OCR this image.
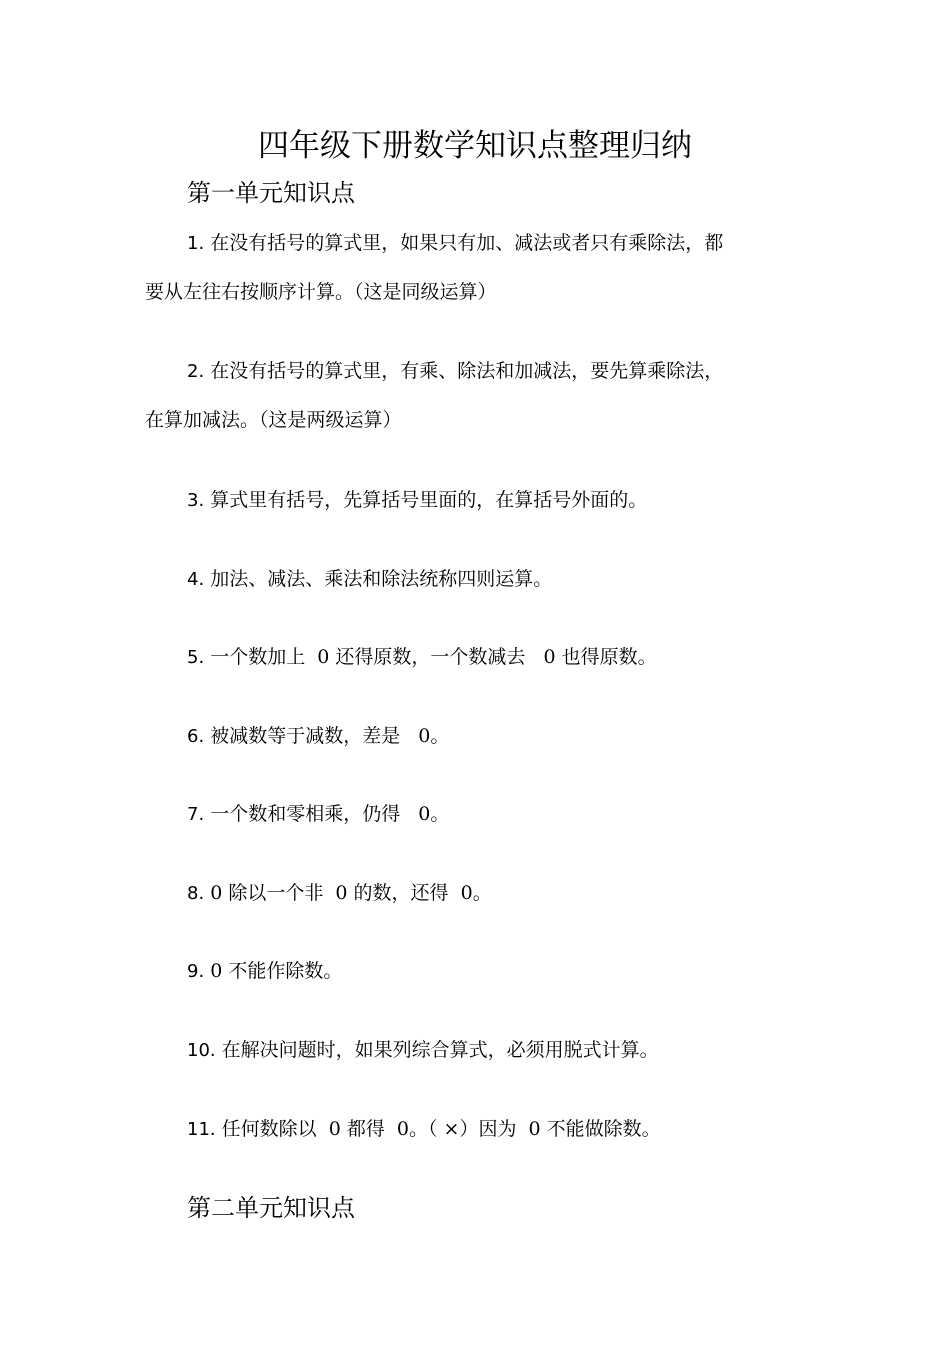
四年级下册数学知识点整理归纳
第一单元知识点

1. 在没有括号的算式里，如果只有加、减法或者只有乘除法，都

要从左往右按顺序计算。（这是同级运算）

2. 在没有括号的算式里，有乘、除法和加减法，要先算乘除法，

在算加减法。（这是两级运算）

3. 算式里有括号，先算括号里面的，在算括号外面的。

4. 加法、减法、乘法和除法统称四则运算。

5. 一个数加上  0 还得原数，一个数减去   0 也得原数。

6. 被减数等于减数，差是   0。

7. 一个数和零相乘，仍得   0。

8. 0 除以一个非  0 的数，还得  0。

9. 0 不能作除数。

10. 在解决问题时，如果列综合算式，必须用脱式计算。

11. 任何数除以  0 都得  0。（ ×）因为  0 不能做除数。

第二单元知识点
